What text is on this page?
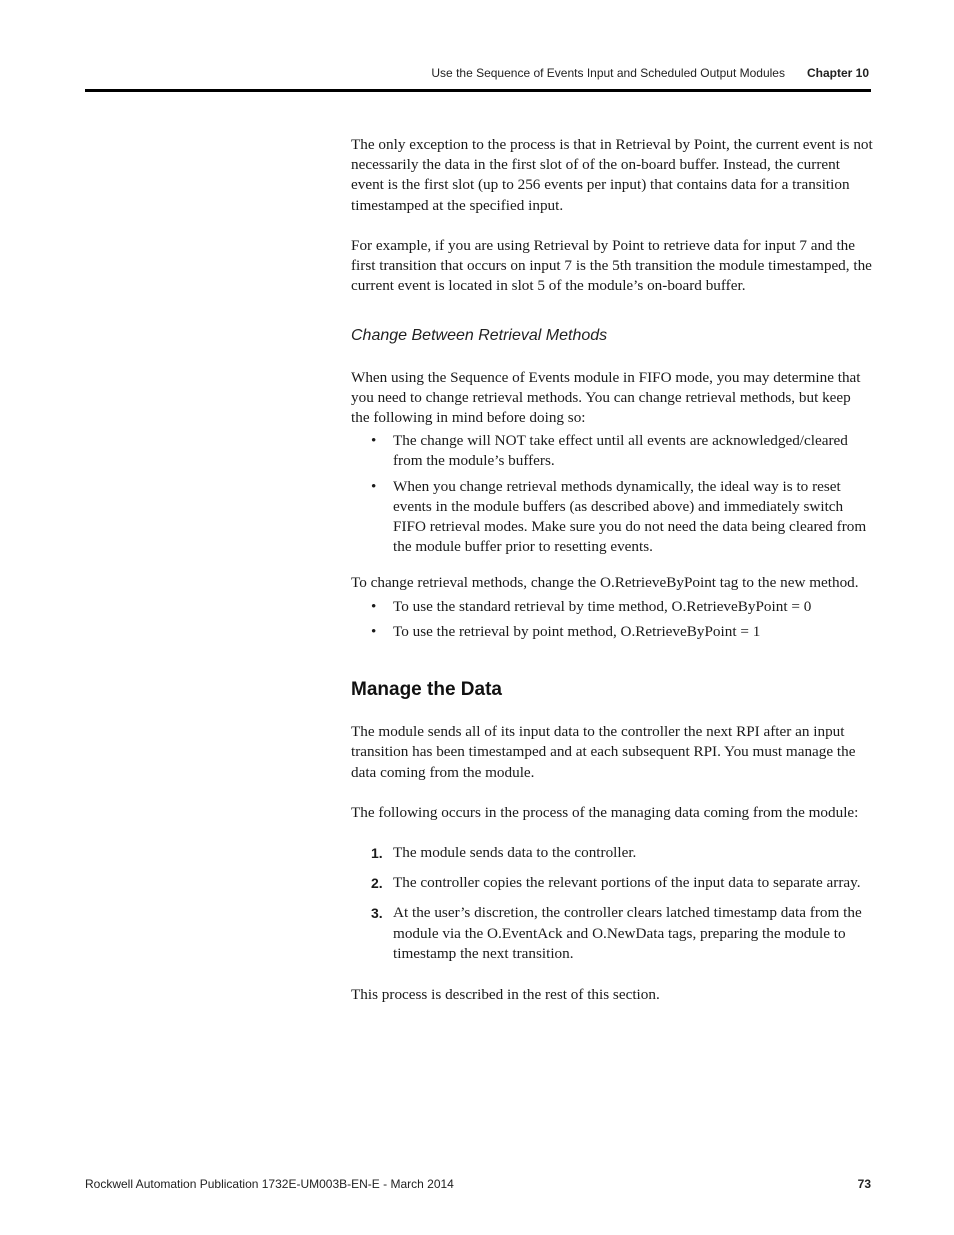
Use the Sequence of Events Input and Scheduled Output Modules Chapter 10

The only exception to the process is that in Retrieval by Point, the current event is not necessarily the data in the first slot of of the on-board buffer. Instead, the current event is the first slot (up to 256 events per input) that contains data for a transition timestamped at the specified input.

For example, if you are using Retrieval by Point to retrieve data for input 7 and the first transition that occurs on input 7 is the 5th transition the module timestamped, the current event is located in slot 5 of the module’s on-board buffer.

Change Between Retrieval Methods

When using the Sequence of Events module in FIFO mode, you may determine that you need to change retrieval methods. You can change retrieval methods, but keep the following in mind before doing so:

• The change will NOT take effect until all events are acknowledged/cleared from the module’s buffers.
• When you change retrieval methods dynamically, the ideal way is to reset events in the module buffers (as described above) and immediately switch FIFO retrieval modes. Make sure you do not need the data being cleared from the module buffer prior to resetting events.

To change retrieval methods, change the O.RetrieveByPoint tag to the new method.

• To use the standard retrieval by time method, O.RetrieveByPoint = 0
• To use the retrieval by point method, O.RetrieveByPoint = 1

Manage the Data

The module sends all of its input data to the controller the next RPI after an input transition has been timestamped and at each subsequent RPI. You must manage the data coming from the module.

The following occurs in the process of the managing data coming from the module:

1. The module sends data to the controller.
2. The controller copies the relevant portions of the input data to separate array.
3. At the user’s discretion, the controller clears latched timestamp data from the module via the O.EventAck and O.NewData tags, preparing the module to timestamp the next transition.

This process is described in the rest of this section.

Rockwell Automation Publication 1732E-UM003B-EN-E - March 2014	73
